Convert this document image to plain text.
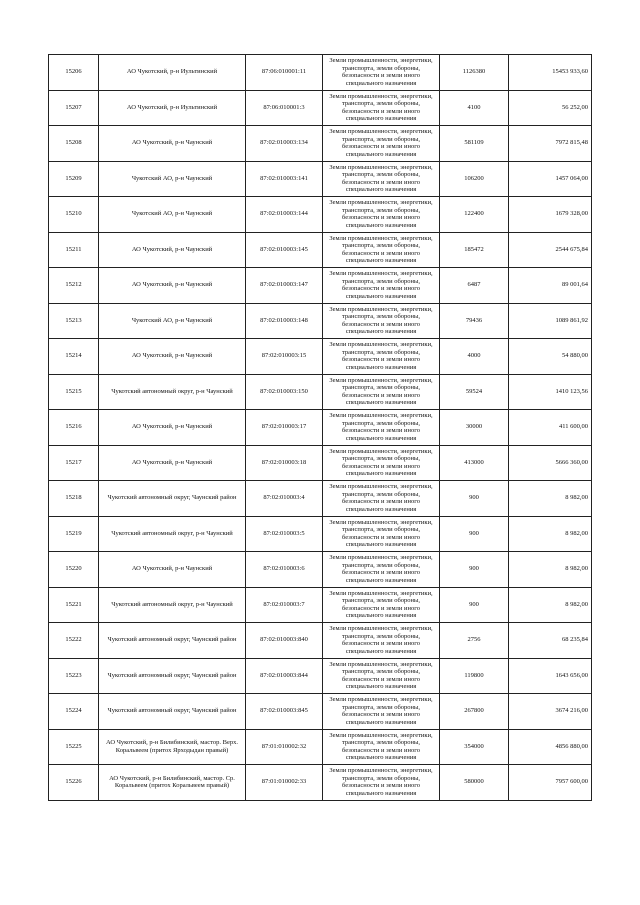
15206	АО Чукотский, р-н Иультинский	87:06:010001:11	Земли промышленности, энергетики, транспорта, земли обороны, безопасности и земли иного специального назначения	1126380	15453 933,60
15207	АО Чукотский, р-н Иультинский	87:06:010001:3	Земли промышленности, энергетики, транспорта, земли обороны, безопасности и земли иного специального назначения	4100	56 252,00
15208	АО Чукотский, р-н Чаунский	87:02:010003:134	Земли промышленности, энергетики, транспорта, земли обороны, безопасности и земли иного специального назначения	581109	7972 815,48
15209	Чукотский АО, р-н Чаунский	87:02:010003:141	Земли промышленности, энергетики, транспорта, земли обороны, безопасности и земли иного специального назначения	106200	1457 064,00
15210	Чукотский АО, р-н Чаунский	87:02:010003:144	Земли промышленности, энергетики, транспорта, земли обороны, безопасности и земли иного специального назначения	122400	1679 328,00
15211	АО Чукотский, р-н Чаунский	87:02:010003:145	Земли промышленности, энергетики, транспорта, земли обороны, безопасности и земли иного специального назначения	185472	2544 675,84
15212	АО Чукотский, р-н Чаунский	87:02:010003:147	Земли промышленности, энергетики, транспорта, земли обороны, безопасности и земли иного специального назначения	6487	89 001,64
15213	Чукотский АО, р-н Чаунский	87:02:010003:148	Земли промышленности, энергетики, транспорта, земли обороны, безопасности и земли иного специального назначения	79436	1089 861,92
15214	АО Чукотский, р-н Чаунский	87:02:010003:15	Земли промышленности, энергетики, транспорта, земли обороны, безопасности и земли иного специального назначения	4000	54 880,00
15215	Чукотский автономный округ, р-н Чаунский	87:02:010003:150	Земли промышленности, энергетики, транспорта, земли обороны, безопасности и земли иного специального назначения	59524	1410 123,56
15216	АО Чукотский, р-н Чаунский	87:02:010003:17	Земли промышленности, энергетики, транспорта, земли обороны, безопасности и земли иного специального назначения	30000	411 600,00
15217	АО Чукотский, р-н Чаунский	87:02:010003:18	Земли промышленности, энергетики, транспорта, земли обороны, безопасности и земли иного специального назначения	413000	5666 360,00
15218	Чукотский автономный округ, Чаунский район	87:02:010003:4	Земли промышленности, энергетики, транспорта, земли обороны, безопасности и земли иного специального назначения	900	8 982,00
15219	Чукотский автономный округ, р-н Чаунский	87:02:010003:5	Земли промышленности, энергетики, транспорта, земли обороны, безопасности и земли иного специального назначения	900	8 982,00
15220	АО Чукотский, р-н Чаунский	87:02:010003:6	Земли промышленности, энергетики, транспорта, земли обороны, безопасности и земли иного специального назначения	900	8 982,00
15221	Чукотский автономный округ, р-н Чаунский	87:02:010003:7	Земли промышленности, энергетики, транспорта, земли обороны, безопасности и земли иного специального назначения	900	8 982,00
15222	Чукотский автономный округ, Чаунский район	87:02:010003:840	Земли промышленности, энергетики, транспорта, земли обороны, безопасности и земли иного специального назначения	2756	68 235,84
15223	Чукотский автономный округ, Чаунский район	87:02:010003:844	Земли промышленности, энергетики, транспорта, земли обороны, безопасности и земли иного специального назначения	119800	1643 656,00
15224	Чукотский автономный округ, Чаунский район	87:02:010003:845	Земли промышленности, энергетики, транспорта, земли обороны, безопасности и земли иного специального назначения	267800	3674 216,00
15225	АО Чукотский, р-н Билибинский, мастор. Верх. Коральвеем (притох Ярходыдан правый)	87:01:010002:32	Земли промышленности, энергетики, транспорта, земли обороны, безопасности и земли иного специального назначения	354000	4856 880,00
15226	АО Чукотский, р-н Билибинский, мастор. Ср. Коральвеем (притох Коральвеем правый)	87:01:010002:33	Земли промышленности, энергетики, транспорта, земли обороны, безопасности и земли иного специального назначения	580000	7957 600,00
